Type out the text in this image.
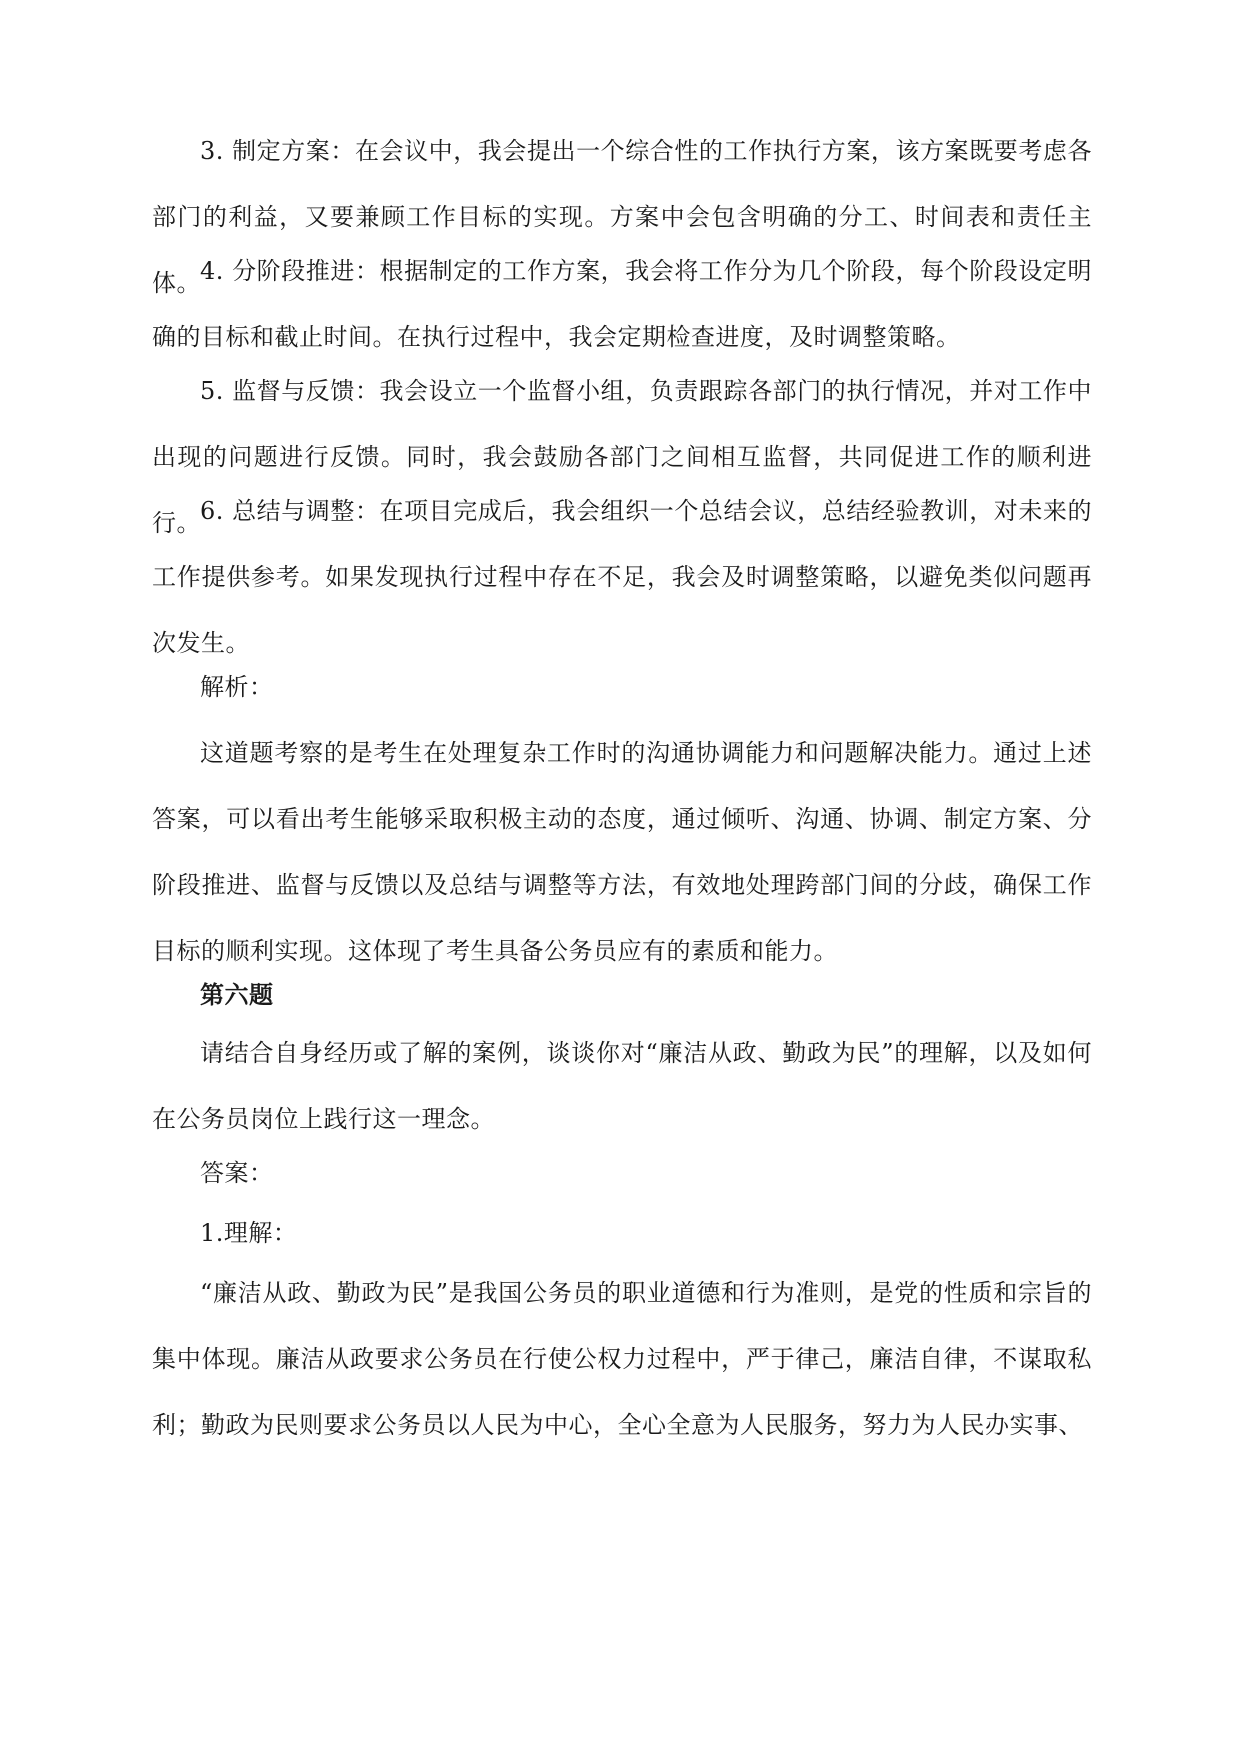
3. 制定方案：在会议中，我会提出一个综合性的工作执行方案，该方案既要考虑各部门的利益，又要兼顾工作目标的实现。方案中会包含明确的分工、时间表和责任主体。 4. 分阶段推进：根据制定的工作方案，我会将工作分为几个阶段，每个阶段设定明确的目标和截止时间。在执行过程中，我会定期检查进度，及时调整策略。

5. 监督与反馈：我会设立一个监督小组，负责跟踪各部门的执行情况，并对工作中出现的问题进行反馈。同时，我会鼓励各部门之间相互监督，共同促进工作的顺利进行。 6. 总结与调整：在项目完成后，我会组织一个总结会议，总结经验教训，对未来的工作提供参考。如果发现执行过程中存在不足，我会及时调整策略，以避免类似问题再次发生。

解析：

这道题考察的是考生在处理复杂工作时的沟通协调能力和问题解决能力。通过上述答案，可以看出考生能够采取积极主动的态度，通过倾听、沟通、协调、制定方案、分阶段推进、监督与反馈以及总结与调整等方法，有效地处理跨部门间的分歧，确保工作目标的顺利实现。这体现了考生具备公务员应有的素质和能力。

第六题

请结合自身经历或了解的案例，谈谈你对“廉洁从政、勤政为民”的理解，以及如何在公务员岗位上践行这一理念。

答案：

1.理解：

“廉洁从政、勤政为民”是我国公务员的职业道德和行为准则，是党的性质和宗旨的集中体现。廉洁从政要求公务员在行使公权力过程中，严于律己，廉洁自律，不谋取私利；勤政为民则要求公务员以人民为中心，全心全意为人民服务，努力为人民办实事、
